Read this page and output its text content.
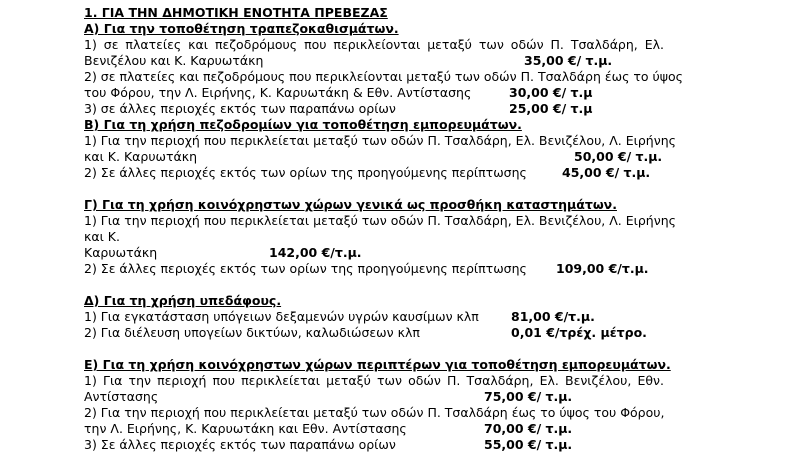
1. ΓΙΑ ΤΗΝ ΔΗΜΟΤΙΚΗ ΕΝΟΤΗΤΑ ΠΡΕΒΕΖΑΣ
Α) Για την τοποθέτηση τραπεζοκαθισμάτων.
1) σε πλατείες και πεζοδρόμους που περικλείονται μεταξύ των οδών Π. Τσαλδάρη, Ελ.
Βενιζέλου και Κ. Καρυωτάκη	35,00 €/ τ.μ.
2) σε πλατείες και πεζοδρόμους που περικλείονται μεταξύ των οδών Π. Τσαλδάρη έως το ύψος
του Φόρου, την Λ. Ειρήνης, Κ. Καρυωτάκη & Εθν. Αντίστασης	30,00 €/ τ.μ
3) σε άλλες περιοχές εκτός των παραπάνω ορίων	25,00 €/ τ.μ
Β) Για τη χρήση πεζοδρομίων για τοποθέτηση εμπορευμάτων.
1) Για την περιοχή που περικλείεται μεταξύ των οδών Π. Τσαλδάρη, Ελ. Βενιζέλου, Λ. Ειρήνης
και Κ. Καρυωτάκη	50,00 €/ τ.μ.
2) Σε άλλες περιοχές εκτός των ορίων της προηγούμενης περίπτωσης	45,00 €/ τ.μ.
Γ) Για τη χρήση κοινόχρηστων χώρων γενικά ως προσθήκη καταστημάτων.
1) Για την περιοχή που περικλείεται μεταξύ των οδών Π. Τσαλδάρη, Ελ. Βενιζέλου, Λ. Ειρήνης
και Κ.
Καρυωτάκη	142,00 €/τ.μ.
2) Σε άλλες περιοχές εκτός των ορίων της προηγούμενης περίπτωσης 109,00 €/τ.μ.
Δ) Για τη χρήση υπεδάφους.
1) Για εγκατάσταση υπόγειων δεξαμενών υγρών καυσίμων κλπ	81,00 €/τ.μ.
2) Για διέλευση υπογείων δικτύων, καλωδιώσεων κλπ	0,01 €/τρέχ. μέτρο.
Ε) Για τη χρήση κοινόχρηστων χώρων περιπτέρων για τοποθέτηση εμπορευμάτων.
1) Για την περιοχή που περικλείεται μεταξύ των οδών Π. Τσαλδάρη, Ελ. Βενιζέλου, Εθν.
Αντίστασης	75,00 €/ τ.μ.
2) Για την περιοχή που περικλείεται μεταξύ των οδών Π. Τσαλδάρη έως το ύψος του Φόρου,
την Λ. Ειρήνης, Κ. Καρυωτάκη και Εθν. Αντίστασης	70,00 €/ τ.μ.
3) Σε άλλες περιοχές εκτός των παραπάνω ορίων	55,00 €/ τ.μ.
